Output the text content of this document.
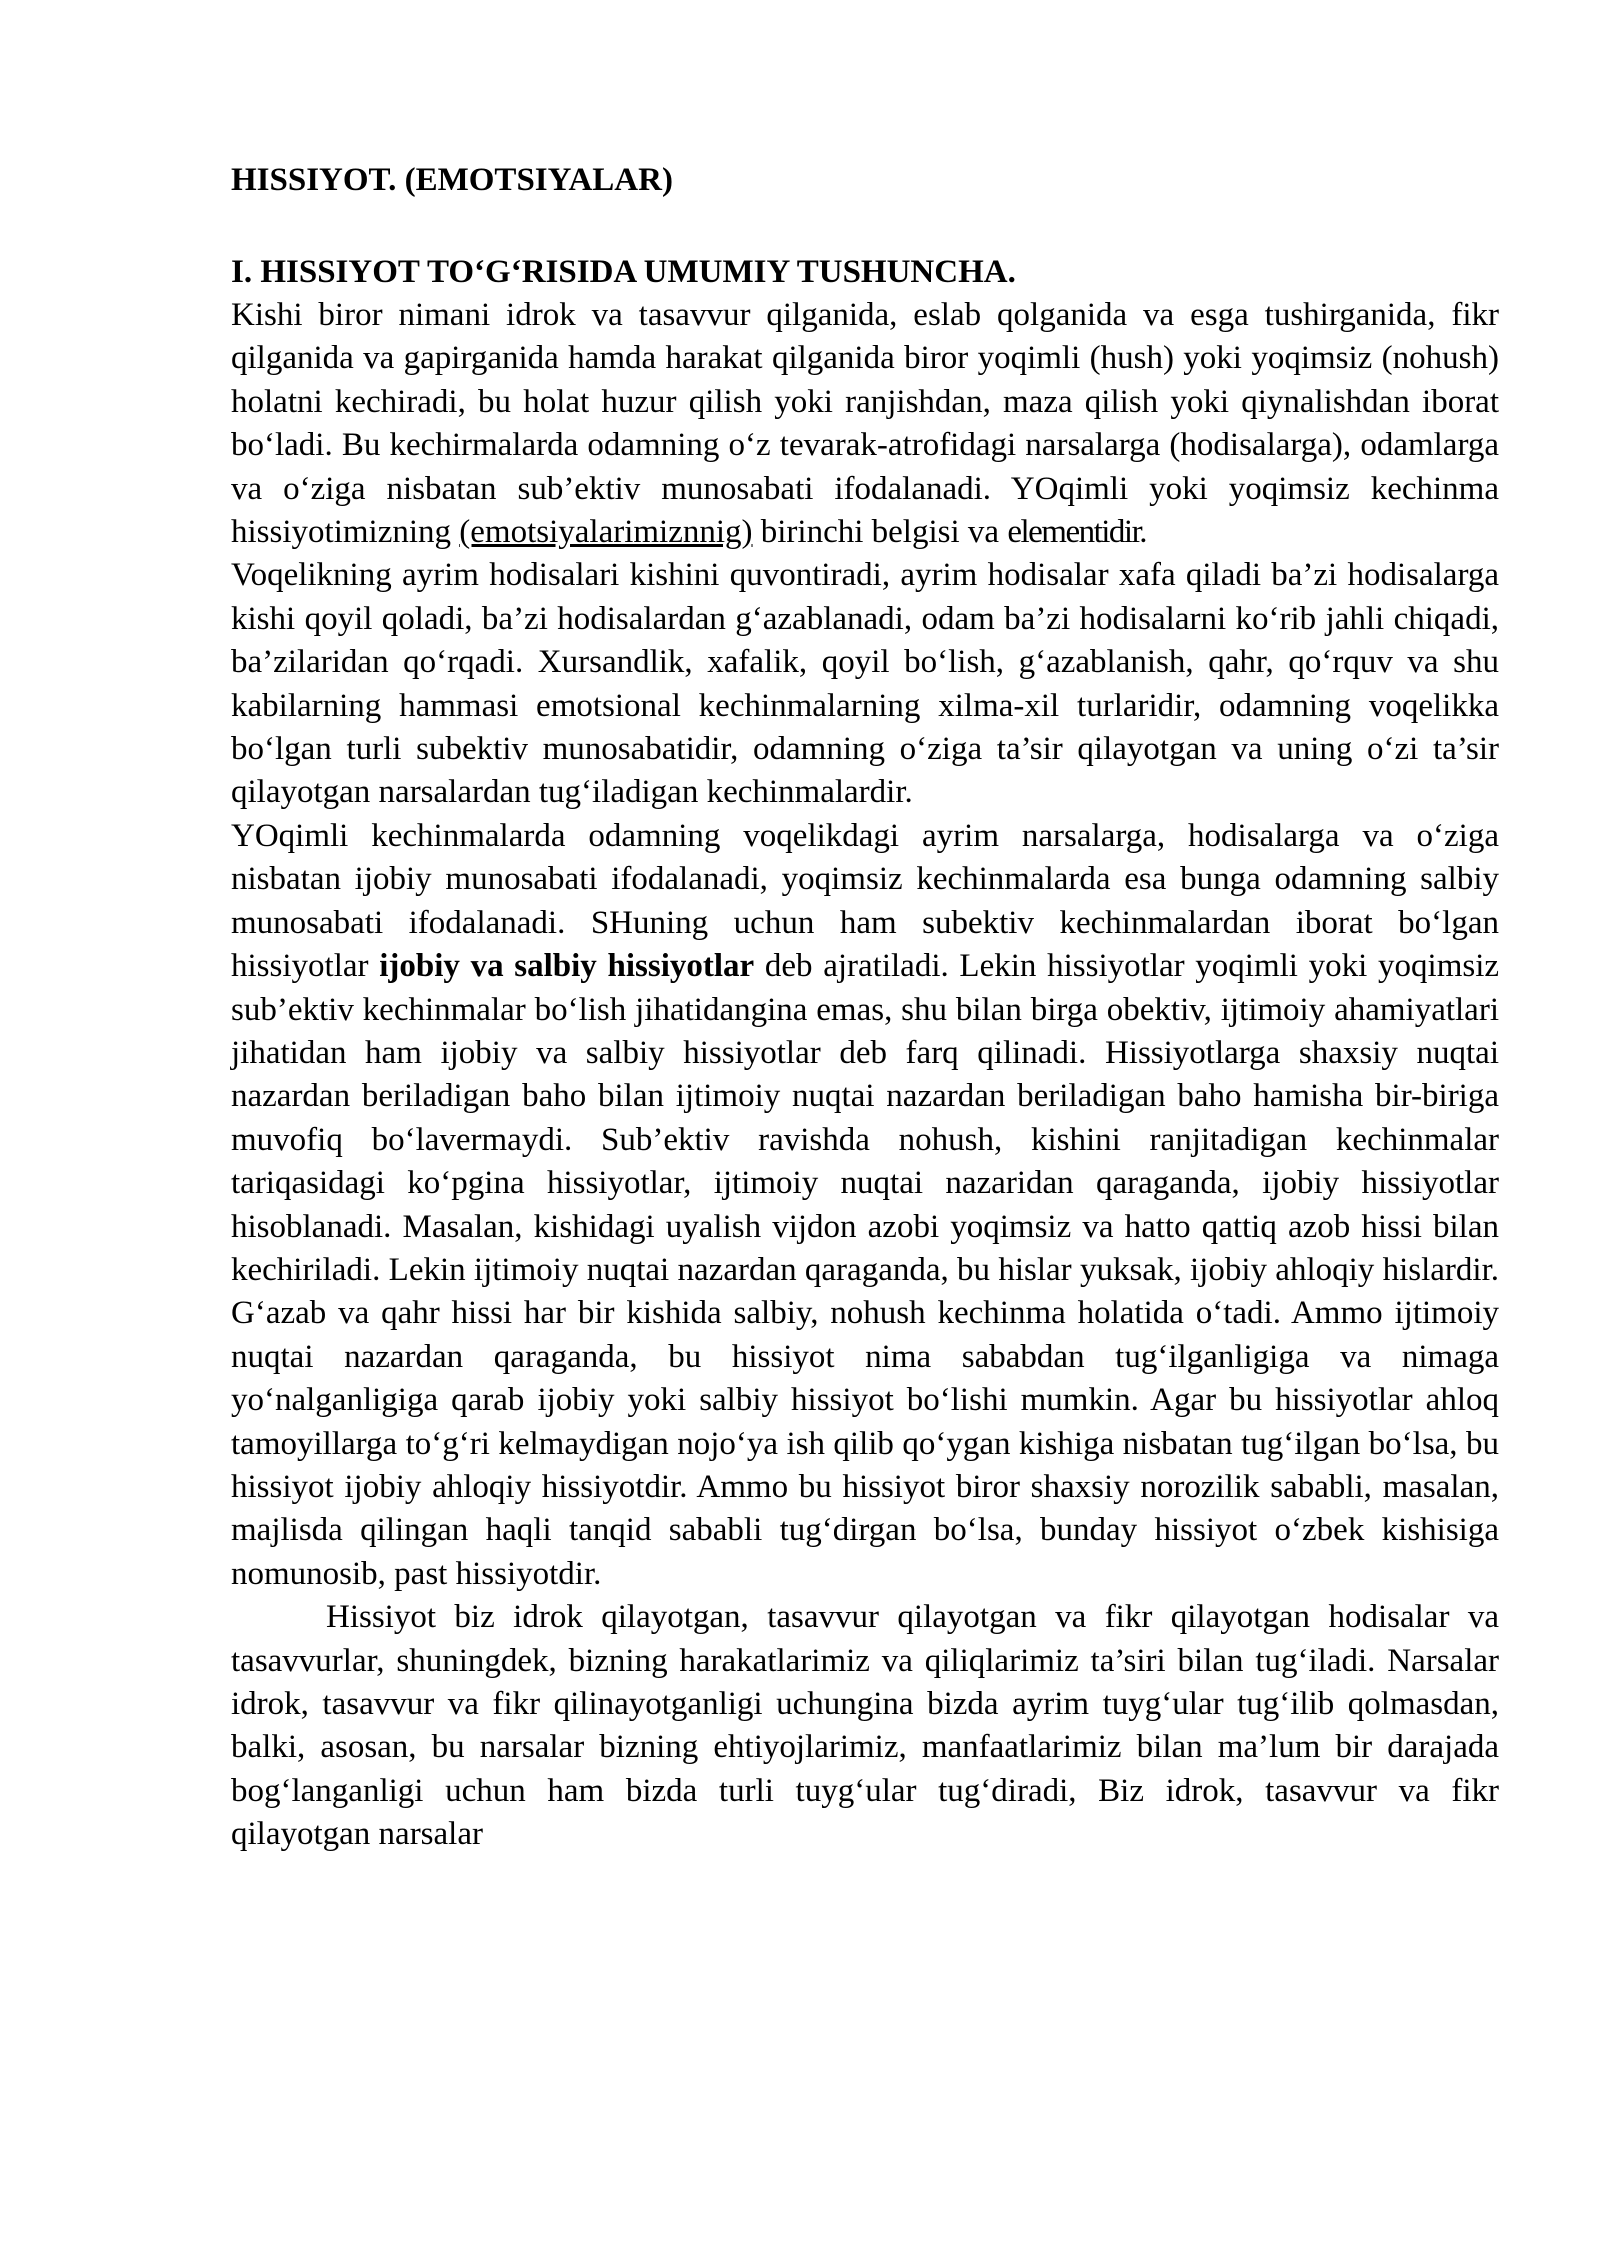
HISSIYOT. (EMOTSIYALAR)
I. HISSIYOT TO‘G‘RISIDA UMUMIY TUSHUNCHA.

Kishi biror nimani idrok va tasavvur qilganida, eslab qolganida va esga tushirganida, fikr qilganida va gapirganida hamda harakat qilganida biror yoqimli (hush) yoki yoqimsiz (nohush) holatni kechiradi, bu holat huzur qilish yoki ranjishdan, maza qilish yoki qiynalishdan iborat bo‘ladi. Bu kechirmalarda odamning o‘z tevarak-atrofidagi narsalarga (hodisalarga), odamlarga va o‘ziga nisbatan sub’ektiv munosabati ifodalanadi. YOqimli yoki yoqimsiz kechinma hissiyotimizning (emotsiyalarimiznnig) birinchi belgisi va elementidir.

Voqelikning ayrim hodisalari kishini quvontiradi, ayrim hodisalar xafa qiladi ba’zi hodisalarga kishi qoyil qoladi, ba’zi hodisalardan g‘azablanadi, odam ba’zi hodisalarni ko‘rib jahli chiqadi, ba’zilaridan qo‘rqadi. Xursandlik, xafalik, qoyil bo‘lish, g‘azablanish, qahr, qo‘rquv va shu kabilarning hammasi emotsional kechinmalarning xilma-xil turlaridir, odamning voqelikka bo‘lgan turli subektiv munosabatidir, odamning o‘ziga ta’sir qilayotgan va uning o‘zi ta’sir qilayotgan narsalardan tug‘iladigan kechinmalardir.

YOqimli kechinmalarda odamning voqelikdagi ayrim narsalarga, hodisalarga va o‘ziga nisbatan ijobiy munosabati ifodalanadi, yoqimsiz kechinmalarda esa bunga odamning salbiy munosabati ifodalanadi. SHuning uchun ham subektiv kechinmalardan iborat bo‘lgan hissiyotlar ijobiy va salbiy hissiyotlar deb ajratiladi. Lekin hissiyotlar yoqimli yoki yoqimsiz sub’ektiv kechinmalar bo‘lish jihatidangina emas, shu bilan birga obektiv, ijtimoiy ahamiyatlari jihatidan ham ijobiy va salbiy hissiyotlar deb farq qilinadi. Hissiyotlarga shaxsiy nuqtai nazardan beriladigan baho bilan ijtimoiy nuqtai nazardan beriladigan baho hamisha bir-biriga muvofiq bo‘lavermaydi. Sub’ektiv ravishda nohush, kishini ranjitadigan kechinmalar tariqasidagi ko‘pgina hissiyotlar, ijtimoiy nuqtai nazaridan qaraganda, ijobiy hissiyotlar hisoblanadi. Masalan, kishidagi uyalish vijdon azobi yoqimsiz va hatto qattiq azob hissi bilan kechiriladi. Lekin ijtimoiy nuqtai nazardan qaraganda, bu hislar yuksak, ijobiy ahloqiy hislardir. G‘azab va qahr hissi har bir kishida salbiy, nohush kechinma holatida o‘tadi. Ammo ijtimoiy nuqtai nazardan qaraganda, bu hissiyot nima sababdan tug‘ilganligiga va nimaga yo‘nalganligiga qarab ijobiy yoki salbiy hissiyot bo‘lishi mumkin. Agar bu hissiyotlar ahloq tamoyillarga to‘g‘ri kelmaydigan nojo‘ya ish qilib qo‘ygan kishiga nisbatan tug‘ilgan bo‘lsa, bu hissiyot ijobiy ahloqiy hissiyotdir. Ammo bu hissiyot biror shaxsiy norozilik sababli, masalan, majlisda qilingan haqli tanqid sababli tug‘dirgan bo‘lsa, bunday hissiyot o‘zbek kishisiga nomunosib, past hissiyotdir.

Hissiyot biz idrok qilayotgan, tasavvur qilayotgan va fikr qilayotgan hodisalar va tasavvurlar, shuningdek, bizning harakatlarimiz va qiliqlarimiz ta’siri bilan tug‘iladi. Narsalar idrok, tasavvur va fikr qilinayotganligi uchungina bizda ayrim tuyg‘ular tug‘ilib qolmasdan, balki, asosan, bu narsalar bizning ehtiyojlarimiz, manfaatlarimiz bilan ma’lum bir darajada bog‘langanligi uchun ham bizda turli tuyg‘ular tug‘diradi, Biz idrok, tasavvur va fikr qilayotgan narsalar
